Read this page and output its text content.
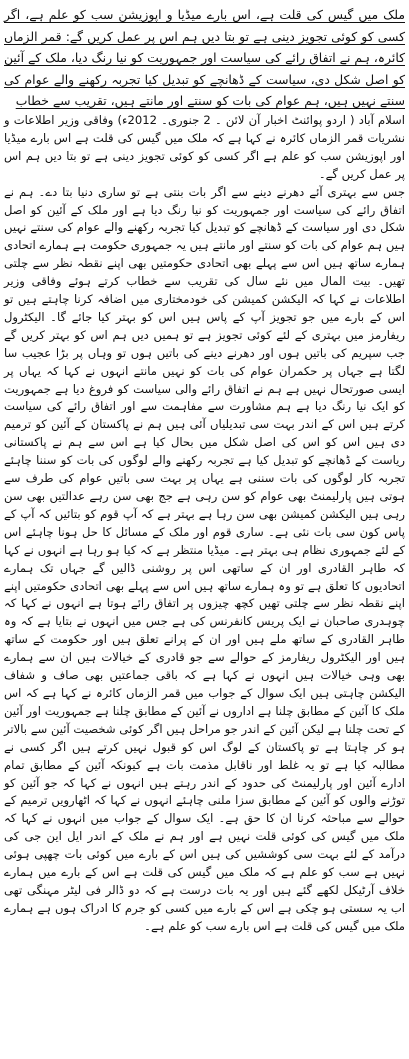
ملک میں گیس کی قلت ہے، اس بارے میڈیا و اپوزیشن سب کو علم ہے، اگر کسی کو کوئی تجویز دینی ہے تو بتا دیں ہم اس پر عمل کریں گے: قمر الزماں کائرہ، ہم نے اتفاق رائے کی سیاست اور جمہوریت کو نیا رنگ دیا، ملک کے آئین کو اصل شکل دی، سیاست کے ڈھانچے کو تبدیل کیا تجربہ رکھنے والے عوام کی سنتے نہیں ہیں، ہم عوام کی بات کو سنتے اور مانتے ہیں، تقریب سے خطاب

اسلام آباد ( اردو پوائنٹ اخبار آن لائن ۔ 2 جنوری۔ 2012ء) وفاقی وزیر اطلاعات و نشریات قمر الزماں کائرہ نے کہا ہے کہ ملک میں گیس کی قلت ہے اس بارے میڈیا اور اپوزیشن سب کو علم ہے اگر کسی کو کوئی تجویز دینی ہے تو بتا دیں ہم اس پر عمل کریں گے۔

جس سے بہتری آئے دھرنے دینے سے اگر بات بنتی ہے تو ساری دنیا بتا دے۔ ہم نے اتفاق رائے کی سیاست اور جمہوریت کو نیا رنگ دیا ہے اور ملک کے آئین کو اصل شکل دی اور سیاست کے ڈھانچے کو تبدیل کیا تجربہ رکھنے والے عوام کی سنتے نہیں ہیں ہم عوام کی بات کو سنتے اور مانتے ہیں یہ جمہوری حکومت ہے ہمارے اتحادی ہمارے ساتھ ہیں اس سے پہلے بھی اتحادی حکومتیں بھی اپنے نقطہ نظر سے چلتی تھیں۔ بیت المال میں نئے سال کی تقریب سے خطاب کرتے ہوئے وفاقی وزیر اطلاعات نے کہا کہ الیکشن کمیشن کی خودمختاری میں اضافہ کرنا چاہتے ہیں تو اس کے بارے میں جو تجویز آپ کے پاس ہیں اس کو بہتر کیا جائے گا۔ الیکٹرول ریفارمز میں بہتری کے لئے کوئی تجویز ہے تو ہمیں دیں ہم اس کو بہتر کریں گے جب سپریم کی باتیں ہوں اور دھرنے دینے کی باتیں ہوں تو وہاں پر بڑا عجیب سا لگتا ہے جہاں پر حکمران عوام کی بات کو نہیں مانتے انہوں نے کہا کہ یہاں پر ایسی صورتحال نہیں ہے ہم نے اتفاق رائے والی سیاست کو فروغ دیا ہے جمہوریت کو ایک نیا رنگ دیا ہے ہم مشاورت سے مفاہمت سے اور اتفاق رائے کی سیاست کرتے ہیں اس کے اندر بہت سی تبدیلیاں آئی ہیں ہم نے پاکستان کے آئین کو ترمیم دی ہیں اس کو اس کی اصل شکل میں بحال کیا ہے اس سے ہم نے پاکستانی ریاست کے ڈھانچے کو تبدیل کیا ہے تجربہ رکھنے والے لوگوں کی بات کو سننا چاہئے تجربہ کار لوگوں کی بات سننی ہے یہاں پر بہت سی باتیں عوام کی طرف سے ہوتی ہیں پارلیمنٹ بھی عوام کو سن رہی ہے جج بھی سن رہے عدالتیں بھی سن رہی ہیں الیکشن کمیشن بھی سن رہا ہے بہتر ہے کہ آپ قوم کو بتائیں کہ آپ کے پاس کون سی بات نئی ہے۔ ساری قوم اور ملک کے مسائل کا حل ہونا چاہئے اس کے لئے جمہوری نظام ہی بہتر ہے۔ میڈیا منتظر ہے کہ کیا ہو رہا ہے انہوں نے کہا کہ طاہر القادری اور ان کے ساتھی اس پر روشنی ڈالیں گے جہاں تک ہمارے اتحادیوں کا تعلق ہے تو وہ ہمارے ساتھ ہیں اس سے پہلے بھی اتحادی حکومتیں اپنے اپنے نقطہ نظر سے چلتی تھیں کچھ چیزوں پر اتفاق رائے ہوتا ہے انہوں نے کہا کہ چوہدری صاحبان نے ایک پریس کانفرنس کی ہے جس میں انہوں نے بتایا ہے کہ وہ طاہر القادری کے ساتھ ملے ہیں اور ان کے پرانے تعلق ہیں اور حکومت کے ساتھ ہیں اور الیکٹرول ریفارمز کے حوالے سے جو قادری کے خیالات ہیں ان سے ہمارے بھی وہی خیالات ہیں انہوں نے کہا ہے کہ باقی جماعتیں بھی صاف و شفاف الیکشن چاہتی ہیں ایک سوال کے جواب میں قمر الزماں کائرہ نے کہا ہے کہ اس ملک کا آئین کے مطابق چلنا ہے اداروں نے آئین کے مطابق چلنا ہے جمہوریت اور آئین کے تحت چلنا ہے لیکن آئین کے اندر جو مراحل ہیں اگر کوئی شخصیت آئین سے بالاتر ہو کر چاہتا ہے تو پاکستان کے لوگ اس کو قبول نہیں کرتے ہیں اگر کسی نے مطالبہ کیا ہے تو یہ غلط اور ناقابل مذمت بات ہے کیونکہ آئین کے مطابق تمام ادارے آئین اور پارلیمنٹ کی حدود کے اندر رہتے ہیں انہوں نے کہا کہ جو آئین کو توڑنے والوں کو آئین کے مطابق سزا ملنی چاہئے انہوں نے کہا کہ اٹھارویں ترمیم کے حوالے سے مباحثہ کرنا ان کا حق ہے۔ ایک سوال کے جواب میں انہوں نے کہا کہ ملک میں گیس کی کوئی قلت نہیں ہے اور ہم نے ملک کے اندر ایل این جی کی درآمد کے لئے بہت سی کوششیں کی ہیں اس کے بارے میں کوئی بات چھپی ہوئی نہیں ہے سب کو علم ہے کہ ملک میں گیس کی قلت ہے اس کے بارے میں ہمارے خلاف آرٹیکل لکھے گئے ہیں اور یہ بات درست ہے کہ دو ڈالر فی لیٹر مہنگی تھی اب یہ سستی ہو چکی ہے اس کے بارے میں کسی کو جرم کا ادراک ہوں ہے ہمارے ملک میں گیس کی قلت ہے اس بارے سب کو علم ہے۔
